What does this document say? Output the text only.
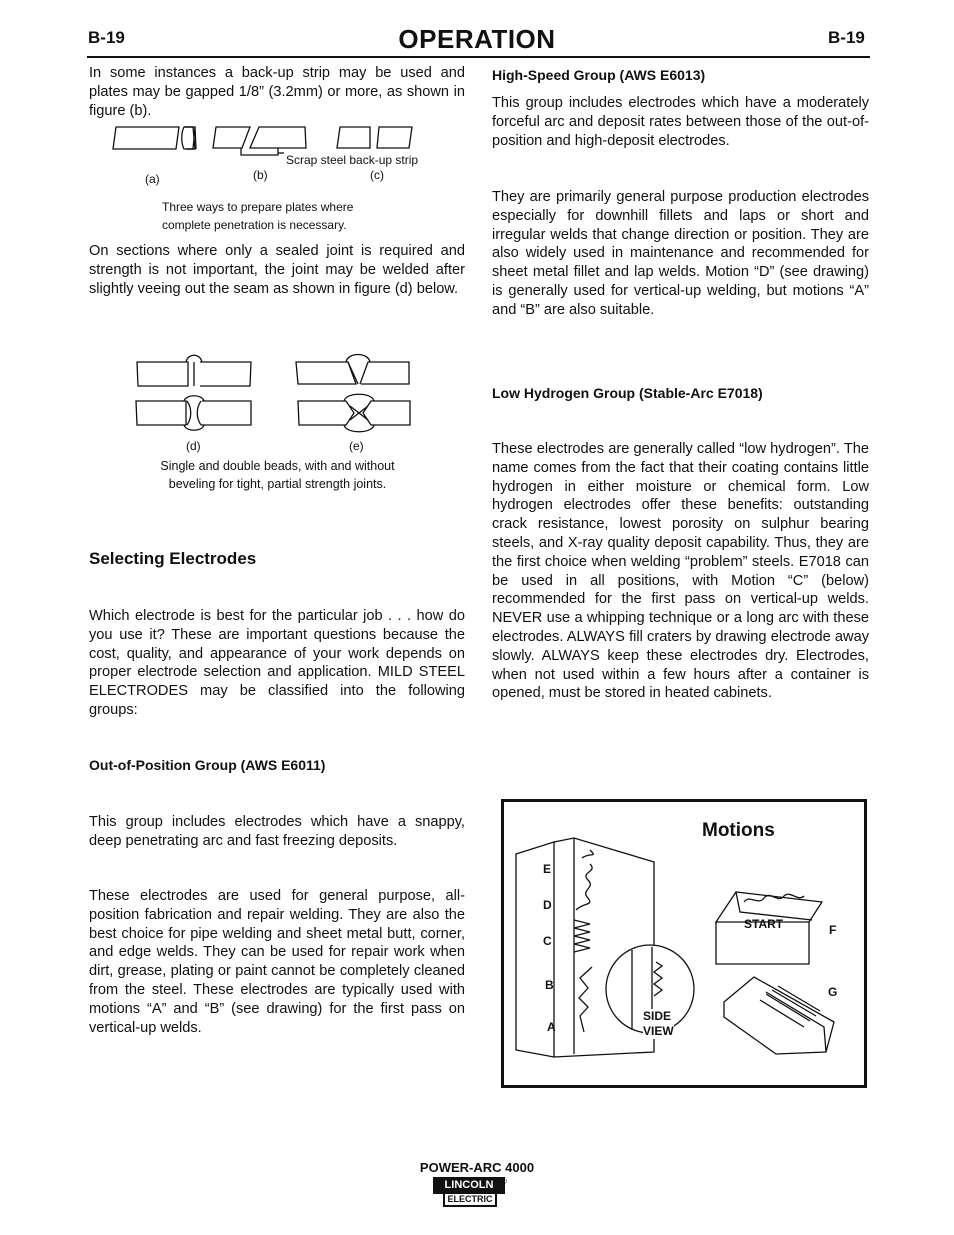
B-19	OPERATION	B-19

In some instances a back-up strip may be used and plates may be gapped 1/8” (3.2mm) or more, as shown in figure (b).

Scrap steel back-up strip
(a)	(b)	(c)
Three ways to prepare plates where
complete penetration is necessary.

On sections where only a sealed joint is required and strength is not important, the joint may be welded after slightly veeing out the seam as shown in figure (d) below.

(d)	(e)
Single and double beads, with and without
beveling for tight, partial strength joints.
Selecting Electrodes

Which electrode is best for the particular job . . . how do you use it? These are important questions because the cost, quality, and appearance of your work depends on proper electrode selection and application. MILD STEEL ELECTRODES may be classified into the following groups:

Out-of-Position Group (AWS E6011)

This group includes electrodes which have a snappy, deep penetrating arc and fast freezing deposits.

These electrodes are used for general purpose, all-position fabrication and repair welding. They are also the best choice for pipe welding and sheet metal butt, corner, and edge welds. They can be used for repair work when dirt, grease, plating or paint cannot be completely cleaned from the steel. These electrodes are typically used with motions “A” and “B” (see drawing) for the first pass on vertical-up welds.

High-Speed Group (AWS E6013)

This group includes electrodes which have a moderately forceful arc and deposit rates between those of the out-of-position and high-deposit electrodes.

They are primarily general purpose production electrodes especially for downhill fillets and laps or short and irregular welds that change direction or position. They are also widely used in maintenance and recommended for sheet metal fillet and lap welds. Motion “D” (see drawing) is generally used for vertical-up welding, but motions “A” and “B” are also suitable.

Low Hydrogen Group (Stable-Arc E7018)

These electrodes are generally called “low hydrogen”. The name comes from the fact that their coating contains little hydrogen in either moisture or chemical form. Low hydrogen electrodes offer these benefits: outstanding crack resistance, lowest porosity on sulphur bearing steels, and X-ray quality deposit capability. Thus, they are the first choice when welding “problem” steels. E7018 can be used in all positions, with Motion “C” (below) recommended for the first pass on vertical-up welds. NEVER use a whipping technique or a long arc with these electrodes. ALWAYS fill craters by drawing electrode away slowly. ALWAYS keep these electrodes dry. Electrodes, when not used within a few hours after a container is opened, must be stored in heated cabinets.

Motions
E
D
C
B
A
SIDE
VIEW
START	F
G
POWER-ARC 4000
LINCOLN
ELECTRIC
®
